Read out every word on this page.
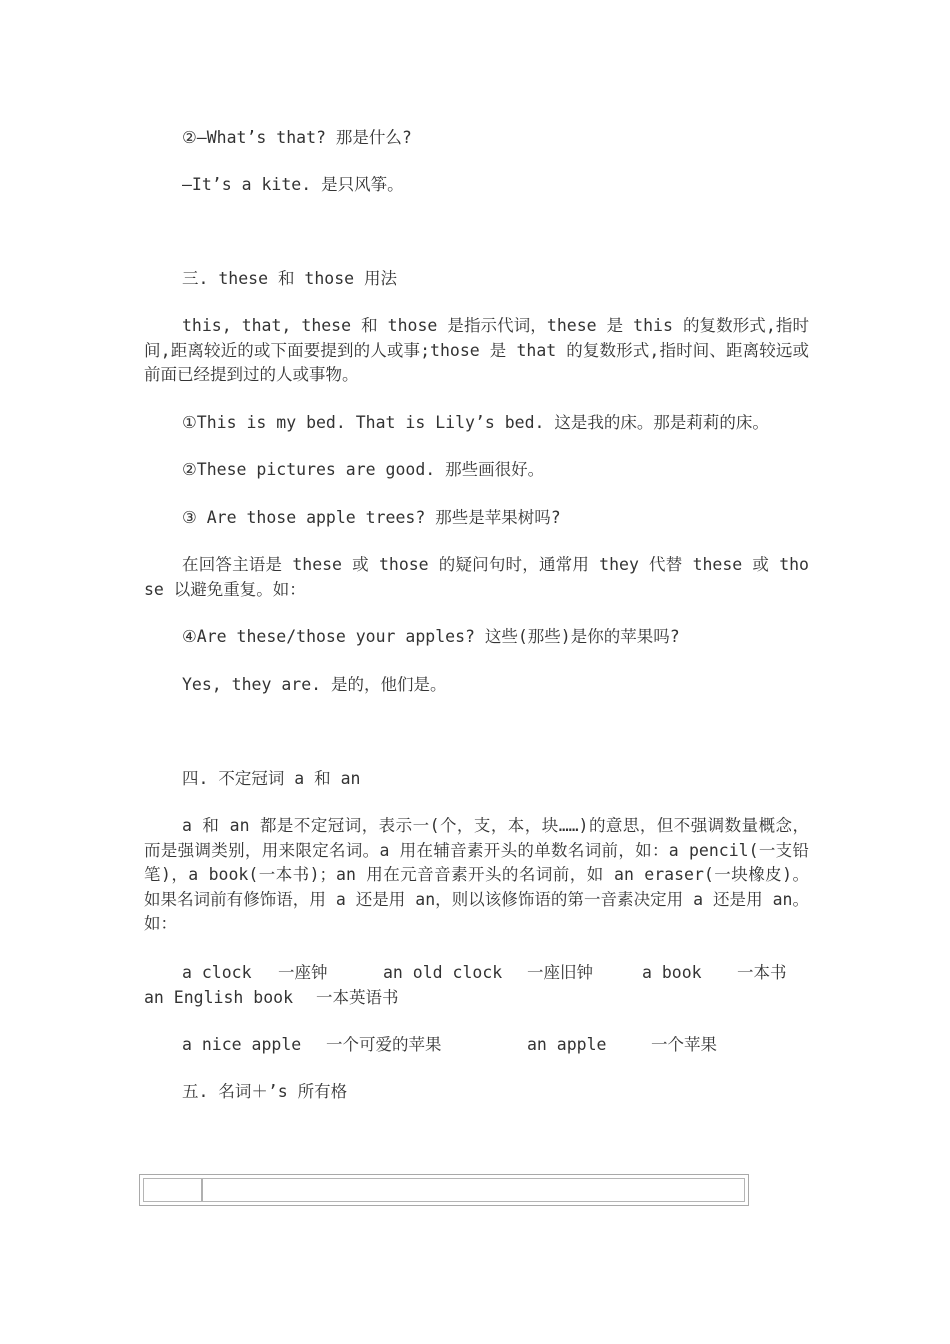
②—What’s that? 那是什么?

—It’s a kite. 是只风筝。

三. these 和 those 用法

this, that, these 和 those 是指示代词，these 是 this 的复数形式,指时间,距离较近的或下面要提到的人或事;those 是 that 的复数形式,指时间、距离较远或前面已经提到过的人或事物。

①This is my bed. That is Lily’s bed. 这是我的床。那是莉莉的床。

②These pictures are good. 那些画很好。

③ Are those apple trees? 那些是苹果树吗?

在回答主语是 these 或 those 的疑问句时，通常用 they 代替 these 或 those 以避免重复。如：

④Are these/those your apples? 这些(那些)是你的苹果吗?

Yes, they are. 是的，他们是。

四. 不定冠词 a 和 an

a 和 an 都是不定冠词，表示一(个，支，本，块……)的意思，但不强调数量概念，而是强调类别，用来限定名词。a 用在辅音素开头的单数名词前，如：a pencil(一支铅笔)，a book(一本书)；an 用在元音音素开头的名词前，如 an eraser(一块橡皮)。如果名词前有修饰语，用 a 还是用 an，则以该修饰语的第一音素决定用 a 还是用 an。如：

a clock 一座钟	an old clock 一座旧钟	a book 一本书
an English book 一本英语书
a nice apple 一个可爱的苹果	an apple	一个苹果

五. 名词＋’s 所有格
